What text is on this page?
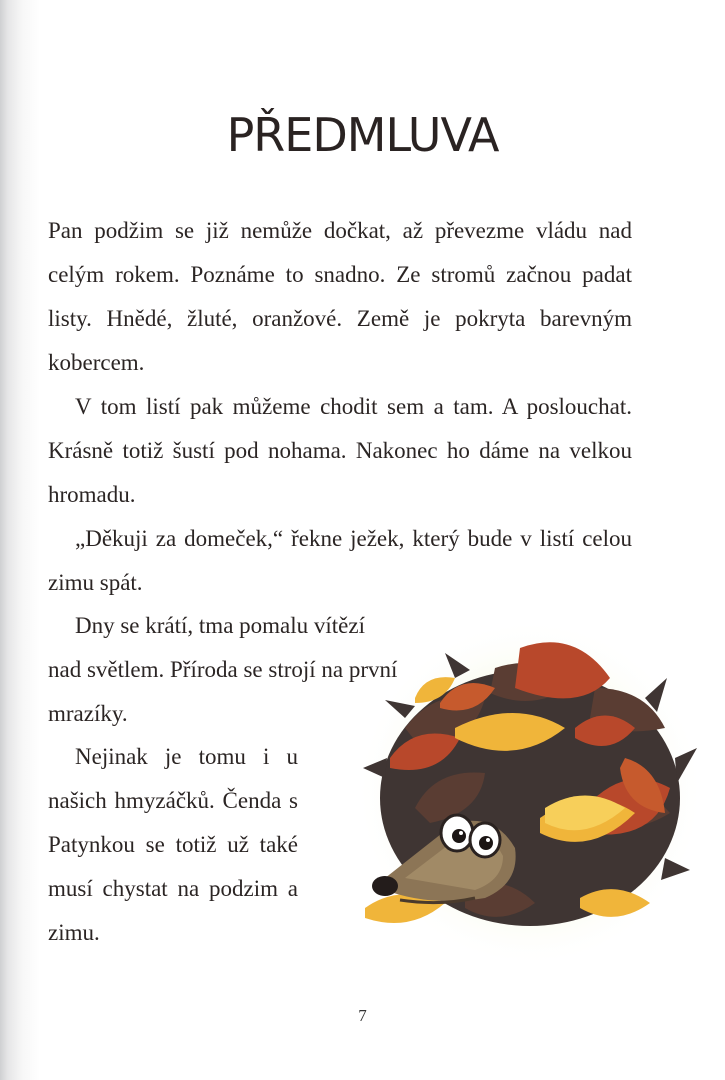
PŘEDMLUVA

Pan podžim se již nemůže dočkat, až převezme vládu nad celým rokem. Poznáme to snadno. Ze stromů začnou padat listy. Hnědé, žluté, oranžové. Země je pokryta barevným kobercem.

V tom listí pak můžeme chodit sem a tam. A poslouchat. Krásně totiž šustí pod nohama. Nakonec ho dáme na velkou hromadu.

„Děkuji za domeček,“ řekne ježek, který bude v listí celou zimu spát.

Dny se krátí, tma pomalu vítězí nad světlem. Příroda se strojí na první mrazíky.

Nejinak je tomu i u našich hmyzáčků. Čenda s Patynkou se totiž už také musí chystat na podzim a zimu.

7
